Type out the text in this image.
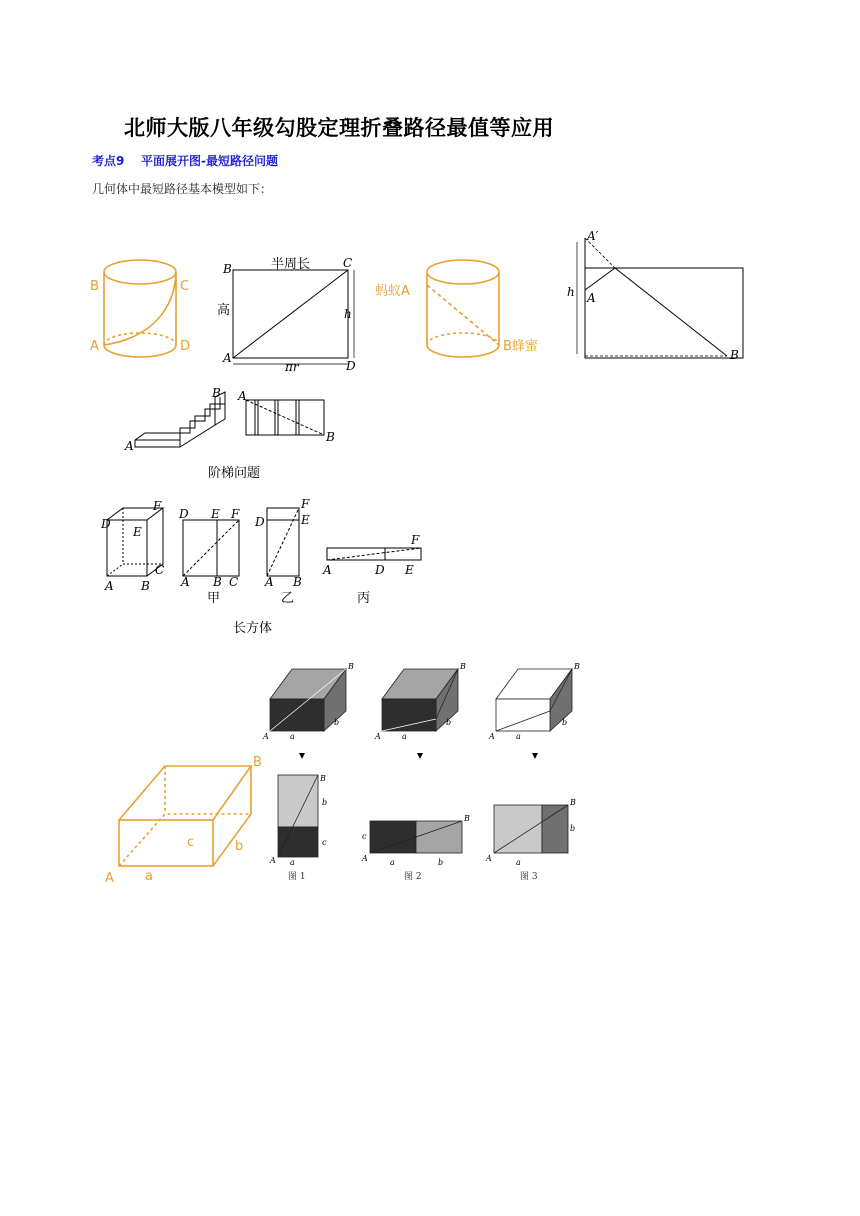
北师大版八年级勾股定理折叠路径最值等应用
考点9    平面展开图-最短路径问题
几何体中最短路径基本模型如下：
B	C
A	D
B	C
A
D
半周长
高	h
πr
蚂蚁A
B蜂蜜
A′
h A
B
A
B A
B
阶梯问题
D
E
F
C
A B
D E F
A B C
D	E
F
A B
F
A	D E
甲	乙	丙
长方体
A
B
a
c	b
A
B
a
b
A
B
a
b
A
B
a
b
A
B
a
b
c
A
B
a	b
c
A
B
a
b
图 1	图 2	图 3
